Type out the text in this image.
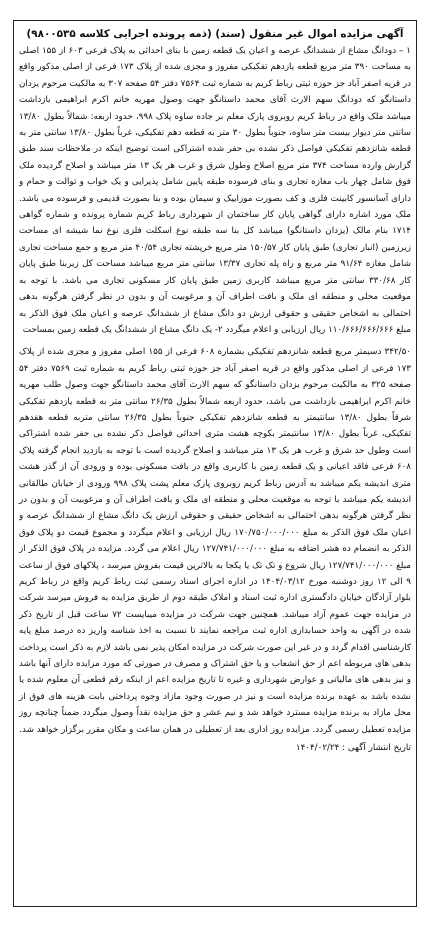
آگهی مزایده اموال غیر منقول (سند) (ذمه پرونده اجرایی کلاسه ۹۸۰۰۵۳۵)

۱ – دودانگ مشاع از ششدانگ عرصه و اعیان یک قطعه زمین با بنای احداثی به پلاک فرعی ۶۰۳ از ۱۵۵ اصلی به مساحت ۳۹۰ متر مربع قطعه یازدهم تفکیکی مفروز و مجزی شده از پلاک ۱۷۳ فرعی از اصلی مذکور واقع در قریه اصفر آباد جز حوزه ثبتی رباط کریم به شماره ثبت ۷۵۶۴ دفتر ۵۴ صفحه ۳۰۷ به مالکیت مرحوم یزدان داستانگو که دودانگ سهم الارث آقای محمد داستانگو جهت وصول مهریه خانم اکرم ابراهیمی بازداشت میباشد ملک واقع در رباط کریم روبروی پارک معلم بر جاده ساوه پلاک ۹۹۸، حدود اربعه: شمالاً بطول ۱۳/۸۰ سانتی متر دیوار بیست متر ساوه، جنوباً بطول ۳۰ متر به قطعه دهم تفکیکی، غرباً بطول ۱۳/۸۰ سانتی متر به قطعه شانزدهم تفکیکی فواصل ذکر نشده بی حفر شده اشتراکی است توضیح اینکه در ملاحظات سند طبق گزارش وارده مساحت ۳۷۴ متر مربع اصلاح وطول شرق و غرب هر یک ۱۳ متر میباشد و اصلاح گردیده ملک فوق شامل چهار باب مغازه تجاری و بنای فرسوده طبقه پایین شامل پذیرایی و یک خواب و توالت و حمام و دارای آسانسور کابینت فلزی و کف بصورت موزاییک و سیمان بوده و بنا بصورت قدیمی و فرسوده می باشد. ملک مورد اشاره دارای گواهی پایان کار ساختمان از شهرداری رباط کریم شماره پرونده و شماره گواهی ۱۷۱۴ بنام مالک (یزدان داستانگو) میباشد کل بنا سه طبقه نوع اسکلت فلزی نوع نما شیشه ای مساحت زیرزمین (انبار تجاری) طبق پایان کار ۱۵۰/۵۷ متر مربع خرپشته تجاری ۴۰/۵۴ متر مربع و جمع مساحت تجاری شامل مغازه ۹۱/۶۴ متر مربع و راه پله تجاری ۱۳/۳۷ سانتی متر مربع میباشد مساحت کل زیربنا طبق پایان کار ۳۳۰/۶۸ سانتی متر مربع میباشد کاربری زمین طبق پایان کار مسکونی تجاری می باشد. با توجه به موقعیت محلی و منطقه ای ملک و بافت اطراف آن و مرغوبیت آن و بدون در نظر گرفتن هرگونه بدهی احتمالی به اشخاص حقیقی و حقوقی ارزش دو دانگ مشاع از ششدانگ عرصه و اعیان ملک فوق الذکر به مبلغ ۱۱۰/۶۶۶/۶۶۶/۶۶۶ ریال ارزیابی و اعلام میگردد ۲- یک دانگ مشاع از ششدانگ یک قطعه زمین بمساحت

۳۴۲/۵۰ دسیمتر مربع قطعه شانزدهم تفکیکی بشماره ۶۰۸ فرعی از ۱۵۵ اصلی مفروز و مجزی شده از پلاک ۱۷۳ فرعی از اصلی مذکور واقع در قریه اصفر آباد جز حوزه ثبتی رباط کریم به شماره ثبت ۷۵۶۹ دفتر ۵۴ صفحه ۳۲۵ به مالکیت مرحوم یزدان داستانگو که سهم الارث آقای محمد داستانگو جهت وصول طلب مهریه خانم اکرم ابراهیمی بازداشت می باشد، حدود اربعه شمالاً بطول ۲۶/۳۵ سانتی متر به قطعه یازدهم تفکیکی شرقاً بطول ۱۳/۸۰ سانتیمتر به قطعه شانزدهم تفکیکی جنوباً بطول ۲۶/۳۵ سانتی متربه قطعه هفدهم تفکیکی، غرباً بطول ۱۳/۸۰ سانتیمتر بکوچه هشت متری احداثی فواصل ذکر نشده بی حفر شده اشتراکی است وطول حد شرق و غرب هر یک ۱۳ متر میباشد و اصلاح گردیده است با توجه به بازدید انجام گرفته پلاک ۶۰۸ فرعی فاقد اعیانی و یک قطعه زمین با کاربری واقع در بافت مسکونی بوده و ورودی آن از گذر هشت متری اندیشه یکم میباشد به آدرس رباط کریم روبروی پارک معلم پشت پلاک ۹۹۸ ورودی از خیابان طالقانی اندیشه یکم میباشد با توجه به موقعیت محلی و منطقه ای ملک و بافت اطراف آن و مرغوبیت آن و بدون در نظر گرفتن هرگونه بدهی احتمالی به اشخاص حقیقی و حقوقی ارزش یک دانگ مشاع از ششدانگ عرصه و اعیان ملک فوق الذکر به مبلغ ۱۷۰/۷۵۰/۰۰۰/۰۰۰ ریال ارزیابی و اعلام میگردد و مجموع قیمت دو پلاک فوق الذکر به انضمام ده هشر اضافه به مبلغ ۱۲۷/۷۴۱/۰۰۰/۰۰۰ ریال اعلام می گردد. مزایده در پلاک فوق الذکر از مبلغ ۱۲۷/۷۴۱/۰۰۰/۰۰۰ ریال شروع و تک تک یا یکجا به بالاترین قیمت بفروش میرسد ، پلاکهای فوق از ساعت ۹ الی ۱۲ روز دوشنبه مورخ ۱۴۰۴/۰۳/۱۲ در اداره اجرای اسناد رسمی ثبت رباط کریم واقع در رباط کریم بلوار آزادگان خیابان دادگستری اداره ثبت اسناد و املاک طبقه دوم از طریق مزایده به فروش میرسد شرکت در مزایده جهت عموم آزاد میباشد. همچنین جهت شرکت در مزایده میبایست ۷۲ ساعت قبل از تاریخ ذکر شده در آگهی به واحد حسابداری اداره ثبت مراجعه نمایند تا نسبت به اخذ شناسه واریز ده درصد مبلغ پایه کارشناسی اقدام گردد و در غیر این صورت شرکت در مزایده امکان پذیر نمی باشد لازم به ذکر است پرداخت بدهی های مربوطه اعم از حق انشعاب و یا حق اشتراک و مصرف در صورتی که مورد مزایده دارای آنها باشد و نیز بدهی های مالیاتی و عوارض شهرداری و غیره تا تاریخ مزایده اعم از اینکه رقم قطعی آن معلوم شده یا نشده باشد به عهده برنده مزایده است و نیز در صورت وجود مازاد وجوه پرداختی بابت هزینه های فوق از محل مازاد به برنده مزایده مسترد خواهد شد و نیم عشر و حق مزایده نقداً وصول میگردد ضمناً چنانچه روز مزایده تعطیل رسمی گردد. مزایده روز اداری بعد از تعطیلی در همان ساعت و مکان مقرر برگزار خواهد شد.

تاریخ انتشار آگهی : ۱۴۰۴/۰۲/۲۴
